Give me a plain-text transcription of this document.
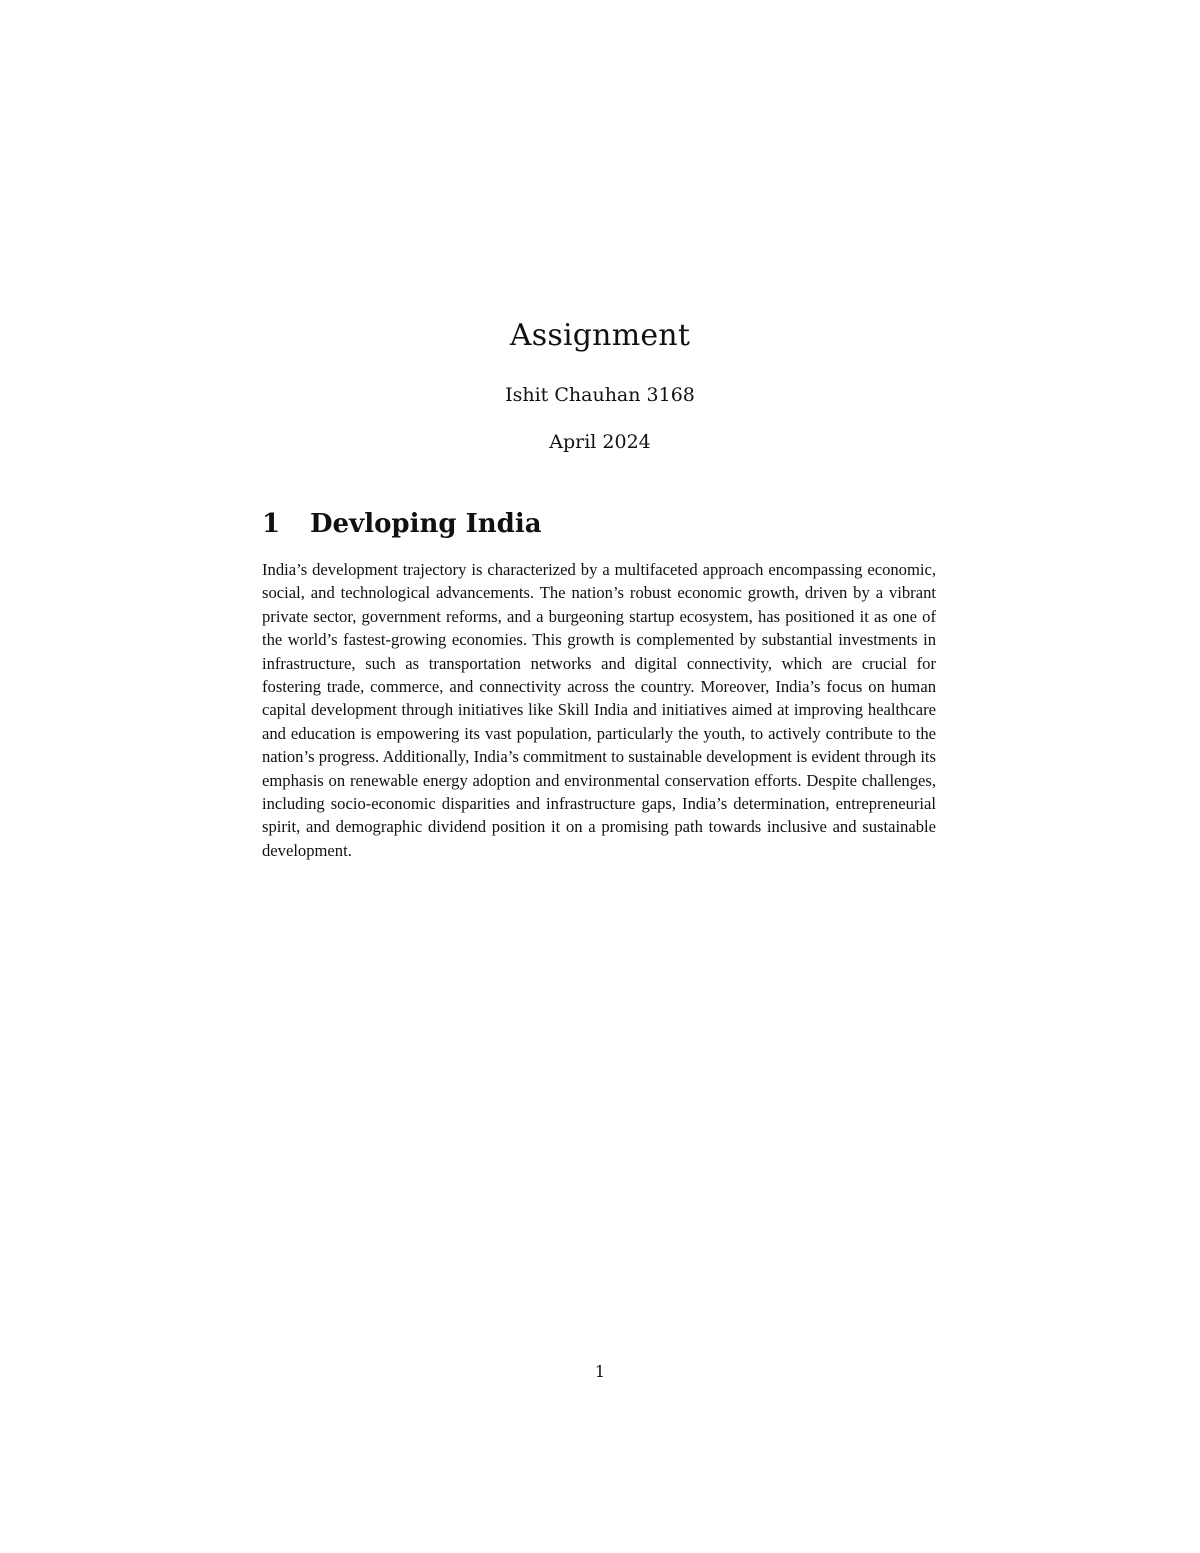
Assignment
Ishit Chauhan 3168
April 2024
1 Devloping India

India’s development trajectory is characterized by a multifaceted approach encompassing economic, social, and technological advancements. The nation’s robust economic growth, driven by a vibrant private sector, government reforms, and a burgeoning startup ecosystem, has positioned it as one of the world’s fastest-growing economies. This growth is complemented by substantial investments in infrastructure, such as transportation networks and digital connectivity, which are crucial for fostering trade, commerce, and connectivity across the country. Moreover, India’s focus on human capital development through initiatives like Skill India and initiatives aimed at improving healthcare and education is empowering its vast population, particularly the youth, to actively contribute to the nation’s progress. Additionally, India’s commitment to sustainable development is evident through its emphasis on renewable energy adoption and environmental conservation efforts. Despite challenges, including socio-economic disparities and infrastructure gaps, India’s determination, entrepreneurial spirit, and demographic dividend position it on a promising path towards inclusive and sustainable development.

1
